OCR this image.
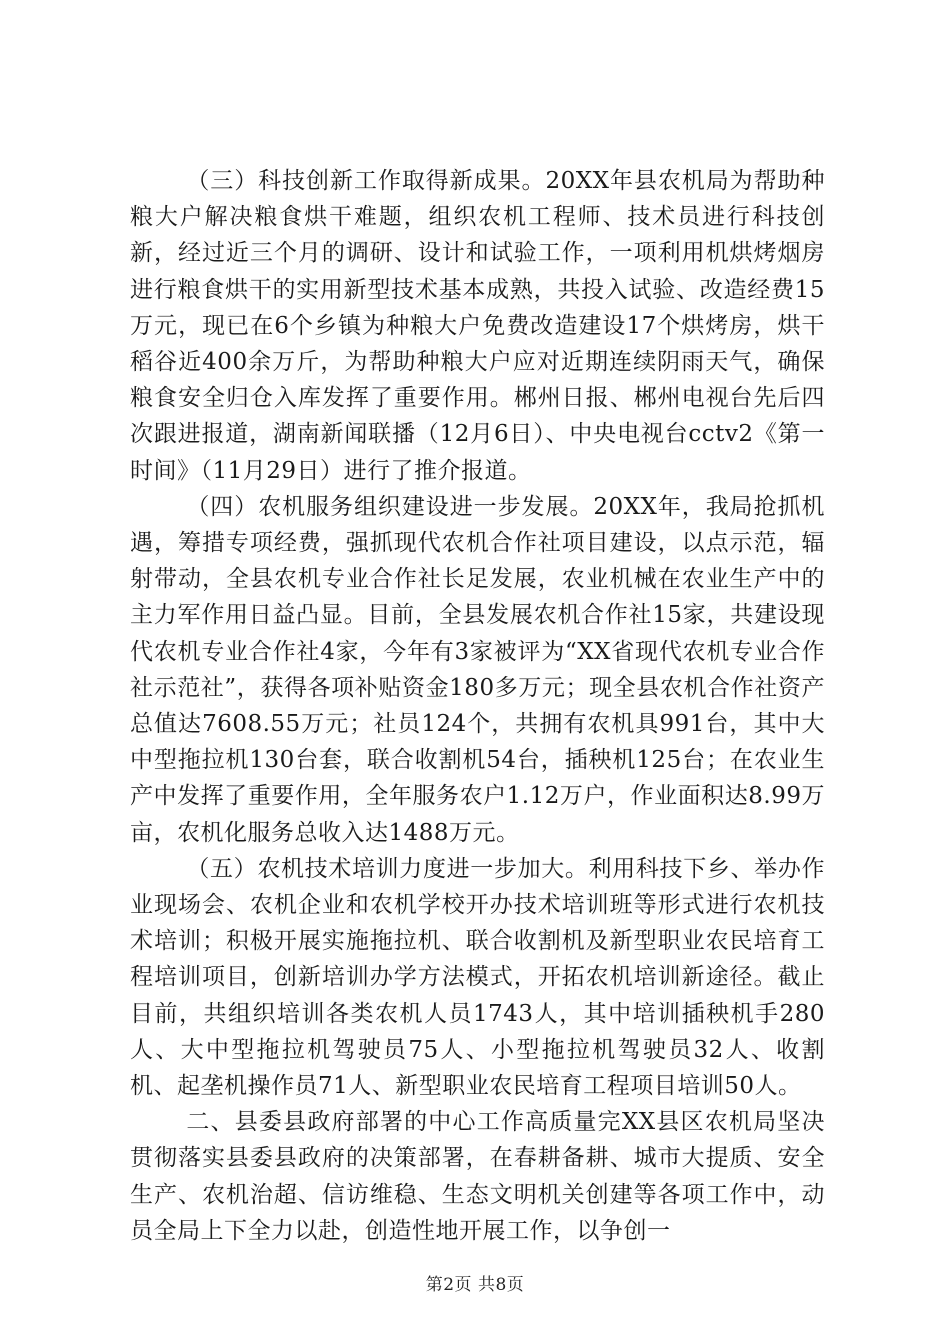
（三）科技创新工作取得新成果。20XX年县农机局为帮助种粮大户解决粮食烘干难题，组织农机工程师、技术员进行科技创新，经过近三个月的调研、设计和试验工作，一项利用机烘烤烟房进行粮食烘干的实用新型技术基本成熟，共投入试验、改造经费15万元，现已在6个乡镇为种粮大户免费改造建设17个烘烤房，烘干稻谷近400余万斤，为帮助种粮大户应对近期连续阴雨天气，确保粮食安全归仓入库发挥了重要作用。郴州日报、郴州电视台先后四次跟进报道，湖南新闻联播（12月6日）、中央电视台cctv2《第一时间》（11月29日）进行了推介报道。

（四）农机服务组织建设进一步发展。20XX年，我局抢抓机遇，筹措专项经费，强抓现代农机合作社项目建设，以点示范，辐射带动，全县农机专业合作社长足发展，农业机械在农业生产中的主力军作用日益凸显。目前，全县发展农机合作社15家，共建设现代农机专业合作社4家，今年有3家被评为“XX省现代农机专业合作社示范社”，获得各项补贴资金180多万元；现全县农机合作社资产总值达7608.55万元；社员124个，共拥有农机具991台，其中大中型拖拉机130台套，联合收割机54台，插秧机125台；在农业生产中发挥了重要作用，全年服务农户1.12万户，作业面积达8.99万亩，农机化服务总收入达1488万元。

（五）农机技术培训力度进一步加大。利用科技下乡、举办作业现场会、农机企业和农机学校开办技术培训班等形式进行农机技术培训；积极开展实施拖拉机、联合收割机及新型职业农民培育工程培训项目，创新培训办学方法模式，开拓农机培训新途径。截止目前，共组织培训各类农机人员1743人，其中培训插秧机手280人、大中型拖拉机驾驶员75人、小型拖拉机驾驶员32人、收割机、起垄机操作员71人、新型职业农民培育工程项目培训50人。

二、县委县政府部署的中心工作高质量完XX县区农机局坚决贯彻落实县委县政府的决策部署，在春耕备耕、城市大提质、安全生产、农机治超、信访维稳、生态文明机关创建等各项工作中，动员全局上下全力以赴，创造性地开展工作，以争创一

第2页 共8页
